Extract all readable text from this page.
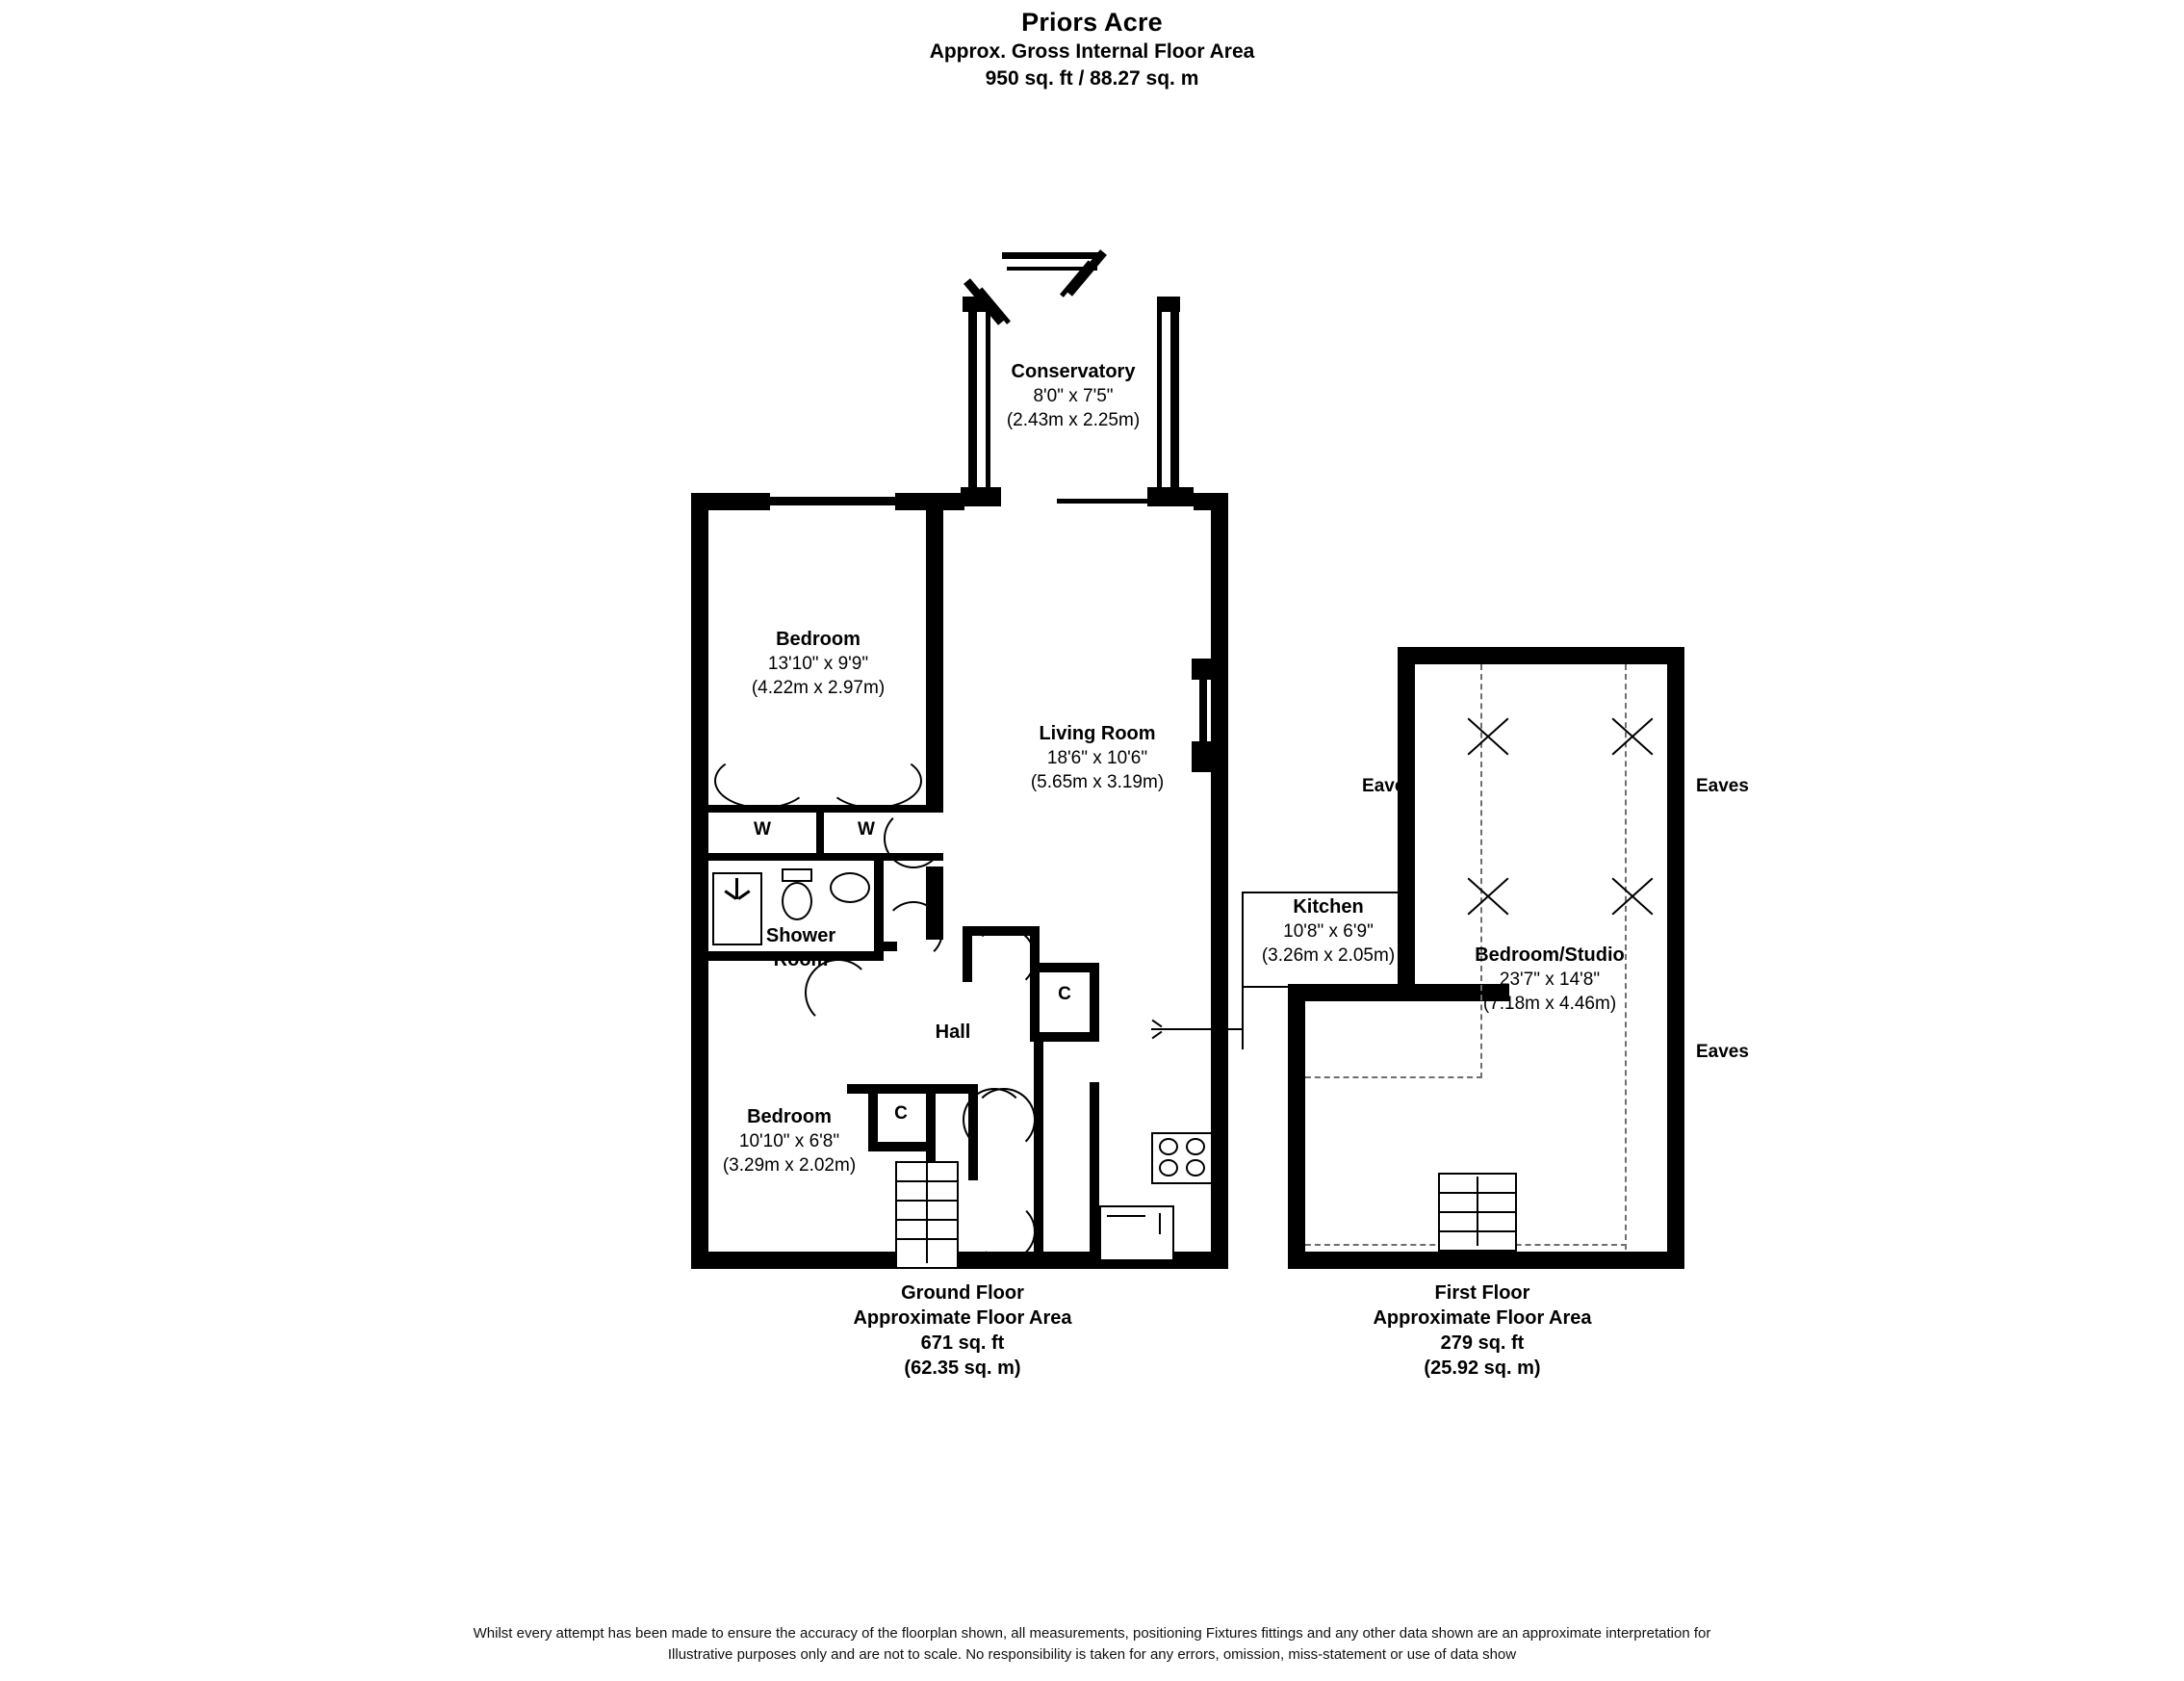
Priors Acre
Approx. Gross Internal Floor Area
950 sq. ft / 88.27 sq. m
Conservatory
8'0" x 7'5"
(2.43m x 2.25m)
W	W
Shower
Room
C
C
Kitchen
10'8" x 6'9"
(3.26m x 2.05m)
Bedroom
13'10" x 9'9"
(4.22m x 2.97m)
Living Room
18'6" x 10'6"
(5.65m x 3.19m)
Hall
Bedroom
10'10" x 6'8"
(3.29m x 2.02m)
Eaves	Eaves
Eaves
Bedroom/Studio
23'7" x 14'8"
(7.18m x 4.46m)
Ground Floor
Approximate Floor Area
671 sq. ft
(62.35 sq. m)
First Floor
Approximate Floor Area
279 sq. ft
(25.92 sq. m)
Whilst every attempt has been made to ensure the accuracy of the floorplan shown, all measurements, positioning Fixtures fittings and any other data shown are an approximate interpretation for
Illustrative purposes only and are not to scale. No responsibility is taken for any errors, omission, miss-statement or use of data show
